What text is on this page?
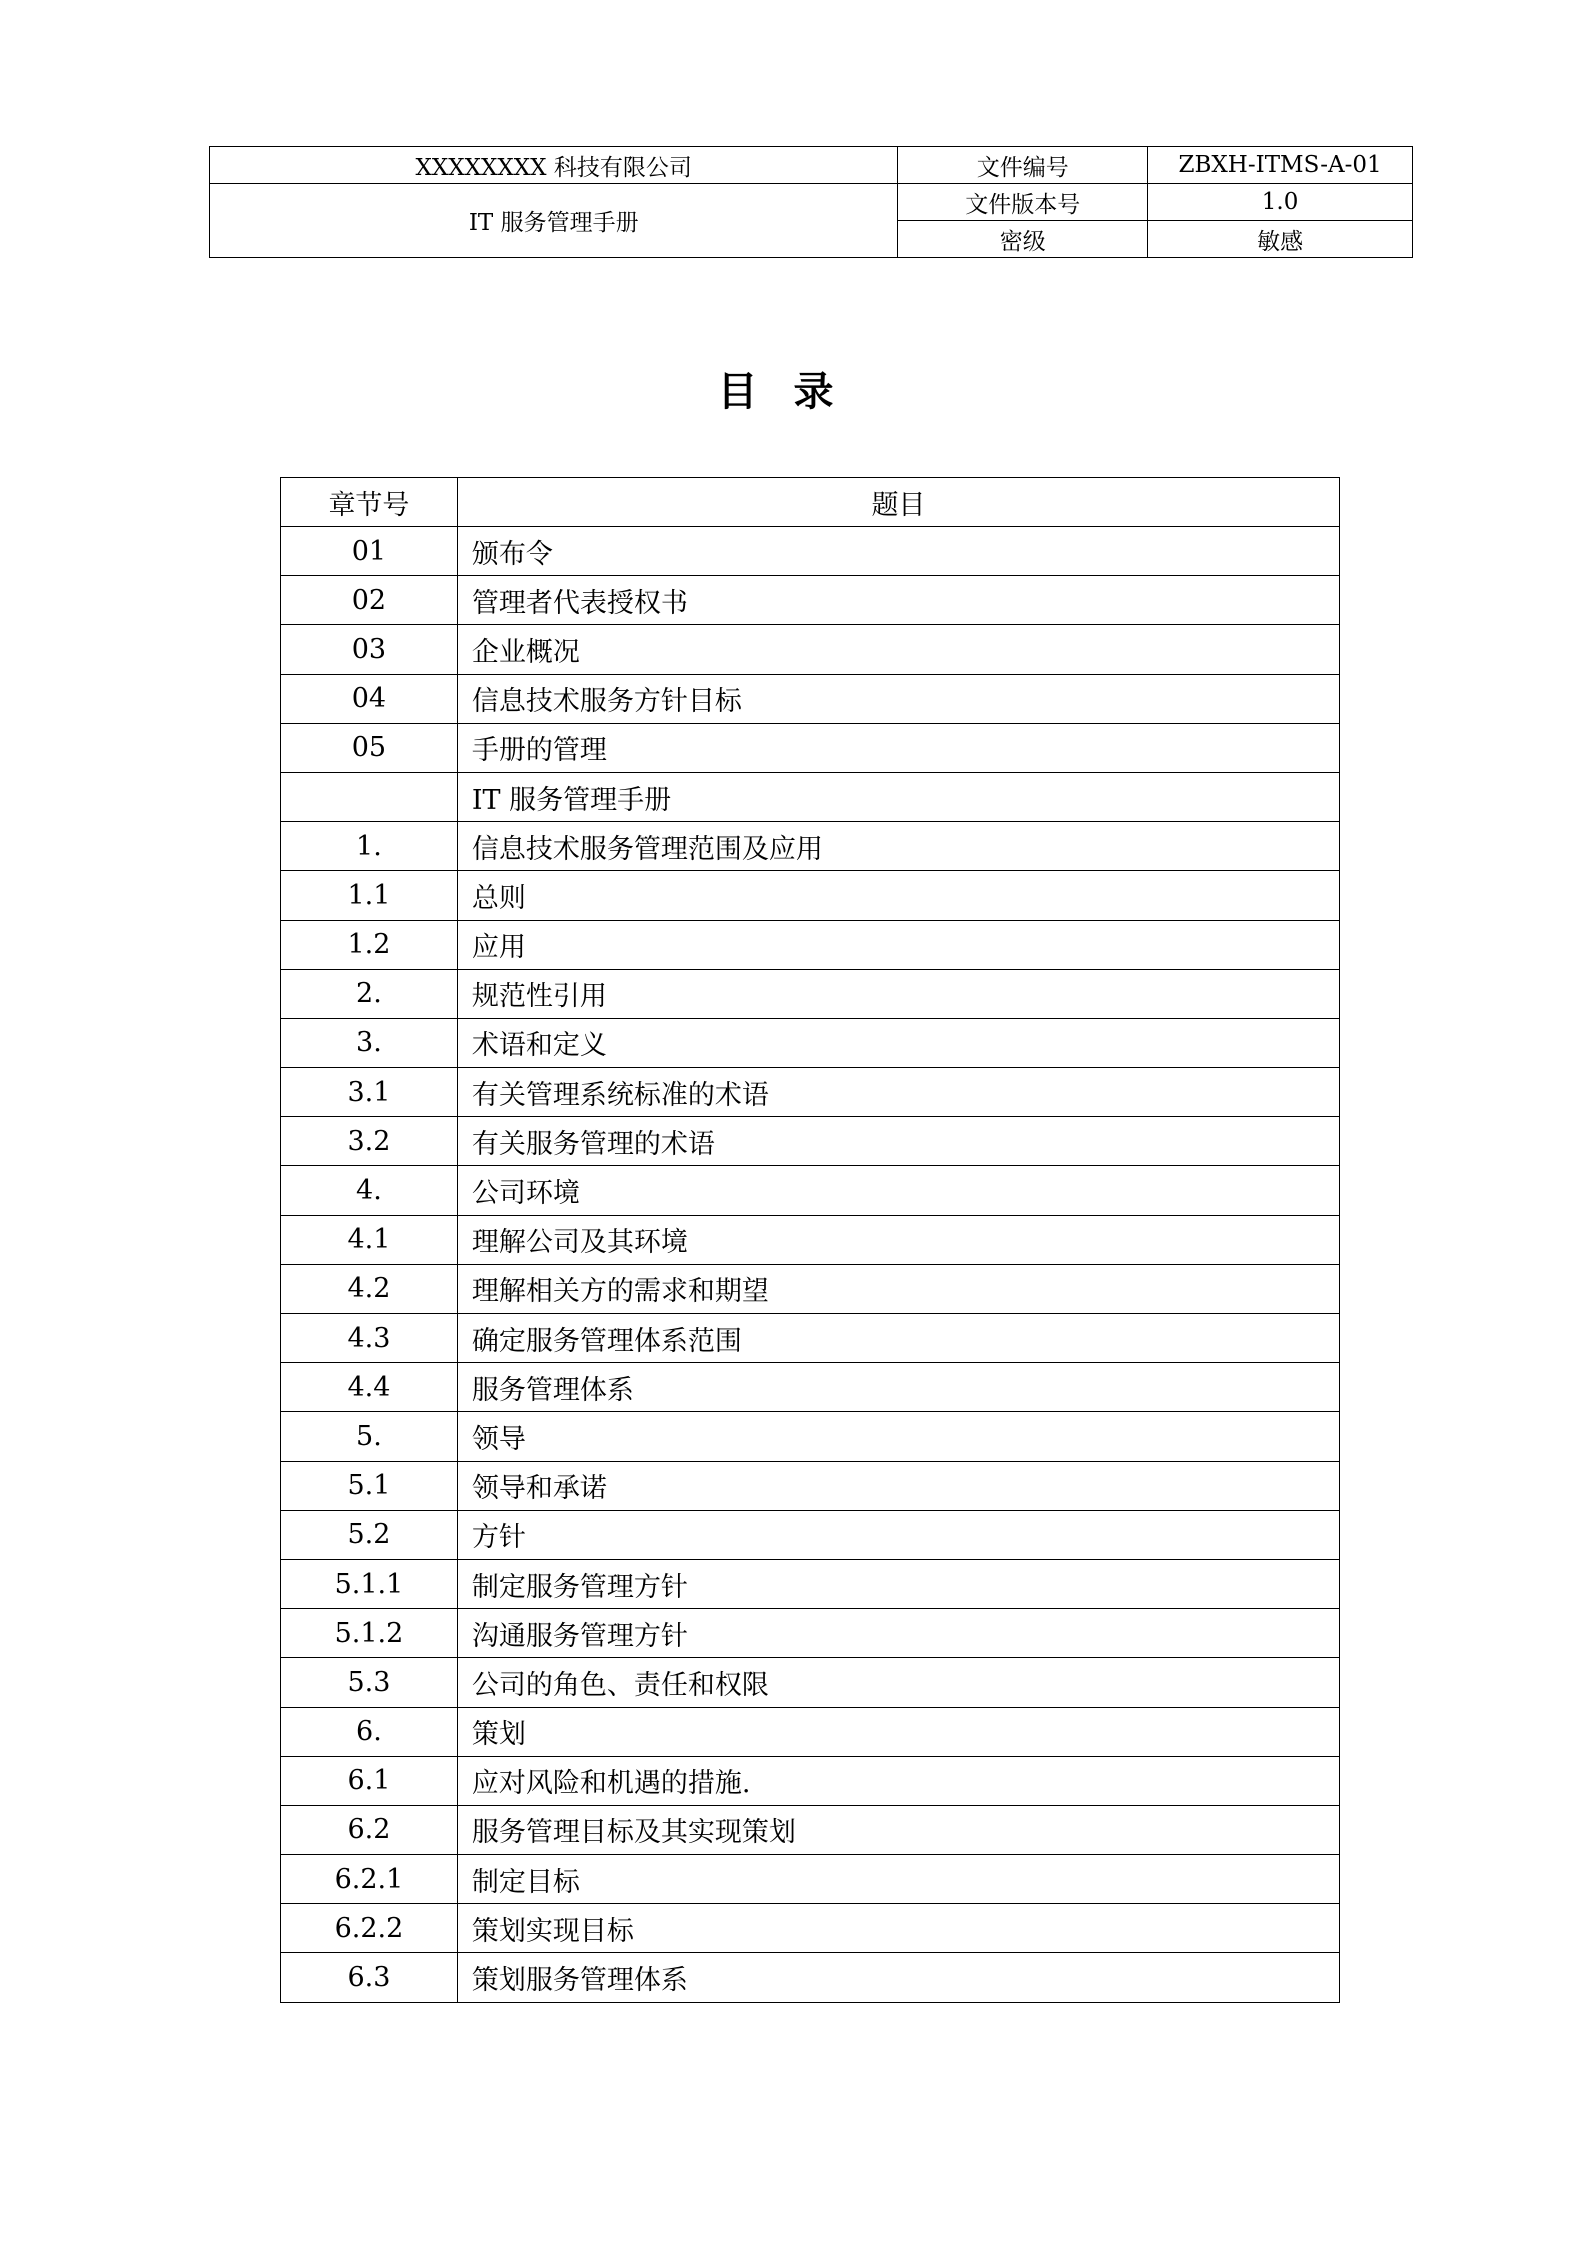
XXXXXXXX 科技有限公司	文件编号	ZBXH-ITMS-A-01
IT 服务管理手册	文件版本号	1.0
	密级	敏感
目录
章节号	题目
01	颁布令
02	管理者代表授权书
03	企业概况
04	信息技术服务方针目标
05	手册的管理
	IT 服务管理手册
1.	信息技术服务管理范围及应用
1.1	总则
1.2	应用
2.	规范性引用
3.	术语和定义
3.1	有关管理系统标准的术语
3.2	有关服务管理的术语
4.	公司环境
4.1	理解公司及其环境
4.2	理解相关方的需求和期望
4.3	确定服务管理体系范围
4.4	服务管理体系
5.	领导
5.1	领导和承诺
5.2	方针
5.1.1	制定服务管理方针
5.1.2	沟通服务管理方针
5.3	公司的角色、责任和权限
6.	策划
6.1	应对风险和机遇的措施.
6.2	服务管理目标及其实现策划
6.2.1	制定目标
6.2.2	策划实现目标
6.3	策划服务管理体系
